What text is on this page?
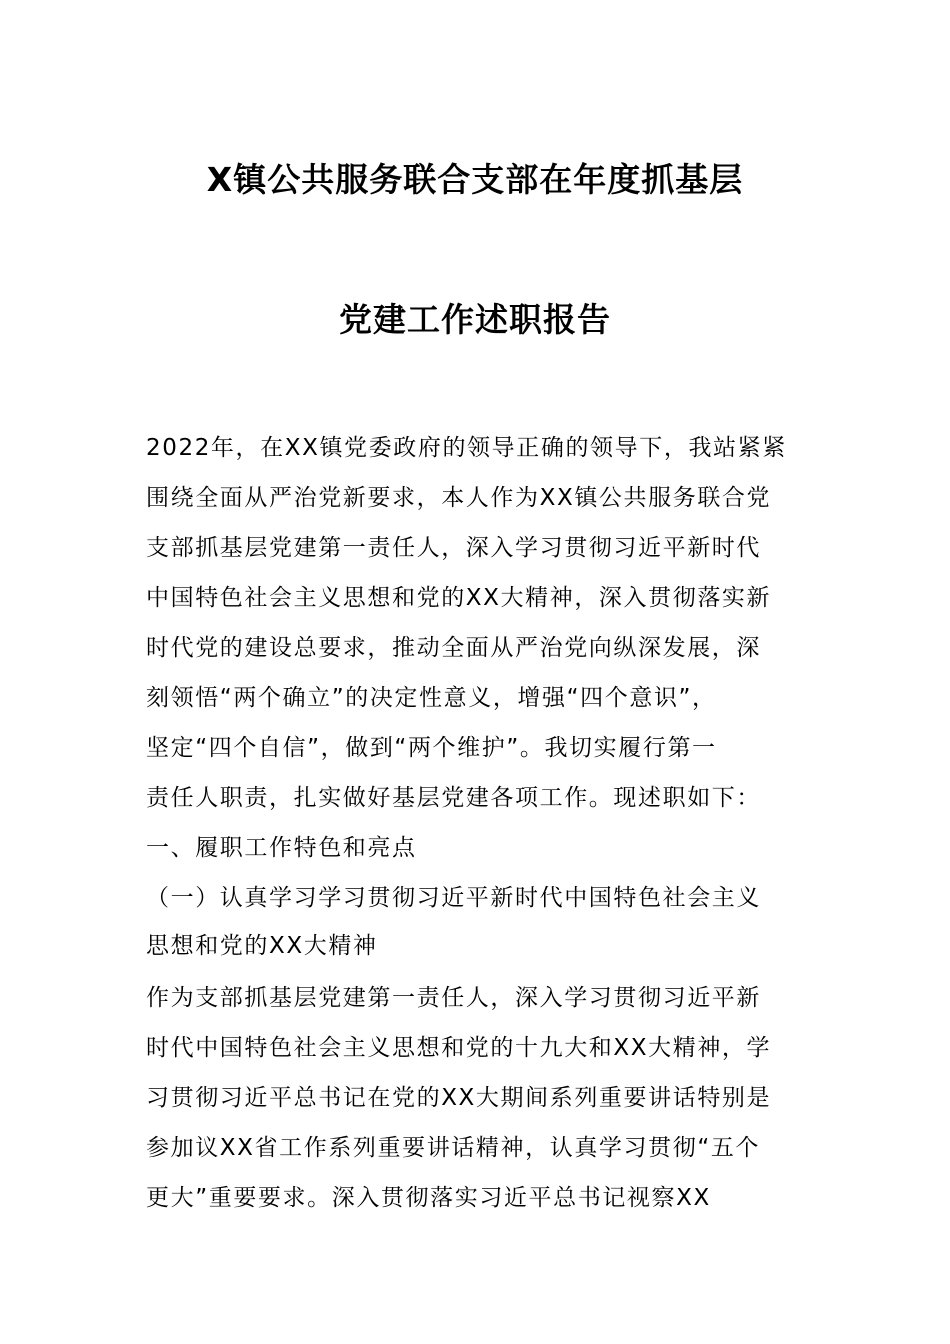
X镇公共服务联合支部在年度抓基层
党建工作述职报告
2022年，在XX镇党委政府的领导正确的领导下，我站紧紧
围绕全面从严治党新要求，本人作为XX镇公共服务联合党
支部抓基层党建第一责任人，深入学习贯彻习近平新时代
中国特色社会主义思想和党的XX大精神，深入贯彻落实新
时代党的建设总要求，推动全面从严治党向纵深发展，深
刻领悟“两个确立”的决定性意义，增强“四个意识”，
坚定“四个自信”，做到“两个维护”。我切实履行第一
责任人职责，扎实做好基层党建各项工作。现述职如下：
一、履职工作特色和亮点
（一）认真学习学习贯彻习近平新时代中国特色社会主义
思想和党的XX大精神
作为支部抓基层党建第一责任人，深入学习贯彻习近平新
时代中国特色社会主义思想和党的十九大和XX大精神，学
习贯彻习近平总书记在党的XX大期间系列重要讲话特别是
参加议XX省工作系列重要讲话精神，认真学习贯彻“五个
更大”重要要求。深入贯彻落实习近平总书记视察XX
